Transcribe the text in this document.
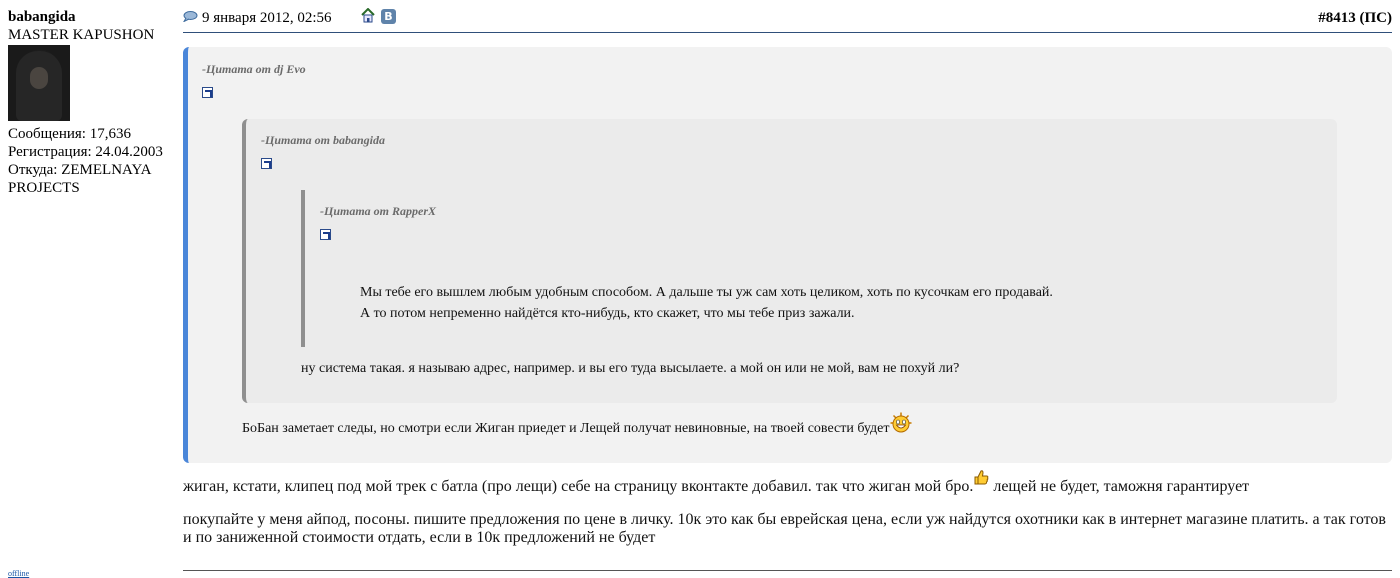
babangida
MASTER KAPUSHON
Сообщения: 17,636
Регистрация: 24.04.2003
Откуда: ZEMELNAYA PROJECTS
offline
9 января 2012, 02:56	В	#8413 (ПС)
-Цитата от dj Evo
-Цитата от babangida
-Цитата от RapperX
Мы тебе его вышлем любым удобным способом. А дальше ты уж сам хоть целиком, хоть по кусочкам его продавай.
А то потом непременно найдётся кто-нибудь, кто скажет, что мы тебе приз зажали.
ну система такая. я называю адрес, например. и вы его туда высылаете. а мой он или не мой, вам не похуй ли?
БоБан заметает следы, но смотри если Жиган приедет и Лещей получат невиновные, на твоей совести будет
жиган, кстати, клипец под мой трек с батла (про лещи) себе на страницу вконтакте добавил. так что жиган мой бро. лещей не будет, таможня гарантирует
покупайте у меня айпод, посоны. пишите предложения по цене в личку. 10к это как бы еврейская цена, если уж найдутся охотники как в интернет магазине платить. а так готов и по заниженной стоимости отдать, если в 10к предложений не будет
